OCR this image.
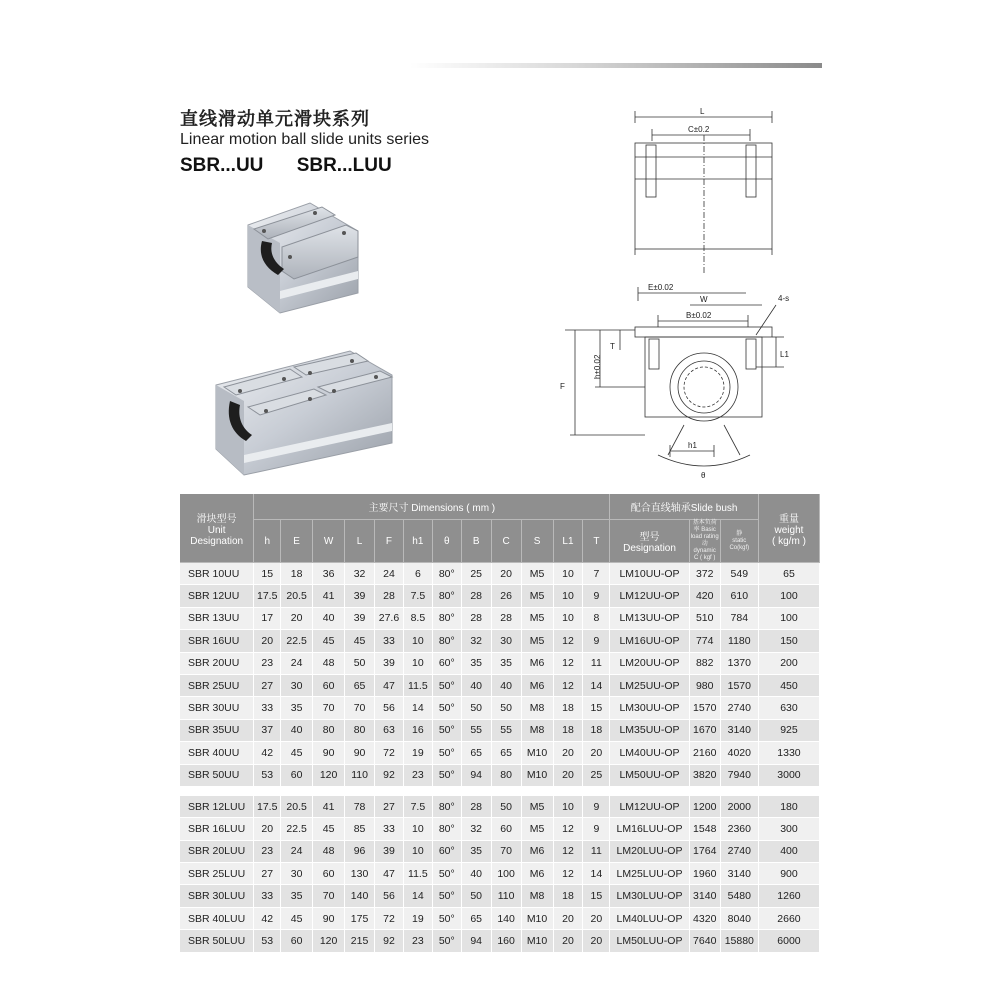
直线滑动单元滑块系列
Linear motion ball slide units series
SBR...UU SBR...LUU
L
C±0.2
E±0.02
W
B±0.02
4-s
T
L1
h±0.02
F
h1
θ
滑块型号
Unit
Designation	主要尺寸 Dimensions ( mm )												配合直线轴承Slide bush			重量
weight
( kg/m )
	h	E	W	L	F	h1	θ	B	C	S	L1	T	型号
Designation	基本负荷率 Basic load rating
动
dynamic
C ( kgf )	静
static
Co(kgf)	

SBR 10UU	15	18	36	32	24	6	80°	25	20	M5	10	7	LM10UU-OP	372	549	65
SBR 12UU	17.5	20.5	41	39	28	7.5	80°	28	26	M5	10	9	LM12UU-OP	420	610	100
SBR 13UU	17	20	40	39	27.6	8.5	80°	28	28	M5	10	8	LM13UU-OP	510	784	100
SBR 16UU	20	22.5	45	45	33	10	80°	32	30	M5	12	9	LM16UU-OP	774	1180	150
SBR 20UU	23	24	48	50	39	10	60°	35	35	M6	12	11	LM20UU-OP	882	1370	200
SBR 25UU	27	30	60	65	47	11.5	50°	40	40	M6	12	14	LM25UU-OP	980	1570	450
SBR 30UU	33	35	70	70	56	14	50°	50	50	M8	18	15	LM30UU-OP	1570	2740	630
SBR 35UU	37	40	80	80	63	16	50°	55	55	M8	18	18	LM35UU-OP	1670	3140	925
SBR 40UU	42	45	90	90	72	19	50°	65	65	M10	20	20	LM40UU-OP	2160	4020	1330
SBR 50UU	53	60	120	110	92	23	50°	94	80	M10	20	25	LM50UU-OP	3820	7940	3000

SBR 12LUU	17.5	20.5	41	78	27	7.5	80°	28	50	M5	10	9	LM12UU-OP	1200	2000	180
SBR 16LUU	20	22.5	45	85	33	10	80°	32	60	M5	12	9	LM16LUU-OP	1548	2360	300
SBR 20LUU	23	24	48	96	39	10	60°	35	70	M6	12	11	LM20LUU-OP	1764	2740	400
SBR 25LUU	27	30	60	130	47	11.5	50°	40	100	M6	12	14	LM25LUU-OP	1960	3140	900
SBR 30LUU	33	35	70	140	56	14	50°	50	110	M8	18	15	LM30LUU-OP	3140	5480	1260
SBR 40LUU	42	45	90	175	72	19	50°	65	140	M10	20	20	LM40LUU-OP	4320	8040	2660
SBR 50LUU	53	60	120	215	92	23	50°	94	160	M10	20	20	LM50LUU-OP	7640	15880	6000
